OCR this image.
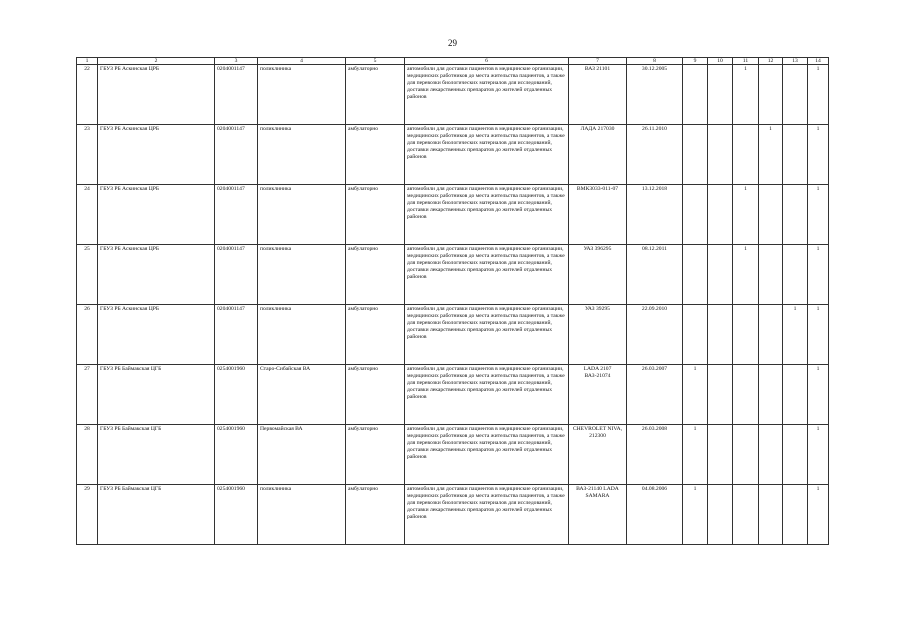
29
1	2	3	4	5	6	7	8	9	10	11	12	13	14
22	ГБУЗ РБ Аскинская ЦРБ	0204001147	поликлиника	амбулаторно	автомобили для доставки пациентов в медицинские организации, медицинских работников до места жительства пациентов, а также для перевозки биологических материалов для исследований, доставки лекарственных препаратов до жителей отдаленных районов	ВАЗ 21101	30.12.2005			1			1
23	ГБУЗ РБ Аскинская ЦРБ	0204001147	поликлиника	амбулаторно	автомобили для доставки пациентов в медицинские организации, медицинских работников до места жительства пациентов, а также для перевозки биологических материалов для исследований, доставки лекарственных препаратов до жителей отдаленных районов	ЛАДА 217030	26.11.2010				1		1
24	ГБУЗ РБ Аскинская ЦРБ	0204001147	поликлиника	амбулаторно	автомобили для доставки пациентов в медицинские организации, медицинских работников до места жительства пациентов, а также для перевозки биологических материалов для исследований, доставки лекарственных препаратов до жителей отдаленных районов	ВМК3033-011-07	13.12.2018			1			1
25	ГБУЗ РБ Аскинская ЦРБ	0204001147	поликлиника	амбулаторно	автомобили для доставки пациентов в медицинские организации, медицинских работников до места жительства пациентов, а также для перевозки биологических материалов для исследований, доставки лекарственных препаратов до жителей отдаленных районов	УАЗ 396295	08.12.2011			1			1
26	ГБУЗ РБ Аскинская ЦРБ	0204001147	поликлиника	амбулаторно	автомобили для доставки пациентов в медицинские организации, медицинских работников до места жительства пациентов, а также для перевозки биологических материалов для исследований, доставки лекарственных препаратов до жителей отдаленных районов	УАЗ 39295	22.09.2010					1	1
27	ГБУЗ РБ Баймакская ЦГБ	0254001960	Старо-Сибайская ВА	амбулаторно	автомобили для доставки пациентов в медицинские организации, медицинских работников до места жительства пациентов, а также для перевозки биологических материалов для исследований, доставки лекарственных препаратов до жителей отдаленных районов	LADA 2107 ВАЗ-21074	26.03.2007	1					1
28	ГБУЗ РБ Баймакская ЦГБ	0254001960	Первомайская ВА	амбулаторно	автомобили для доставки пациентов в медицинские организации, медицинских работников до места жительства пациентов, а также для перевозки биологических материалов для исследований, доставки лекарственных препаратов до жителей отдаленных районов	CHEVROLET NIVA, 212300	26.03.2008	1					1
29	ГБУЗ РБ Баймакская ЦГБ	0254001960	поликлиника	амбулаторно	автомобили для доставки пациентов в медицинские организации, медицинских работников до места жительства пациентов, а также для перевозки биологических материалов для исследований, доставки лекарственных препаратов до жителей отдаленных районов	ВАЗ-21140 LADA SAMARA	04.08.2006	1					1
